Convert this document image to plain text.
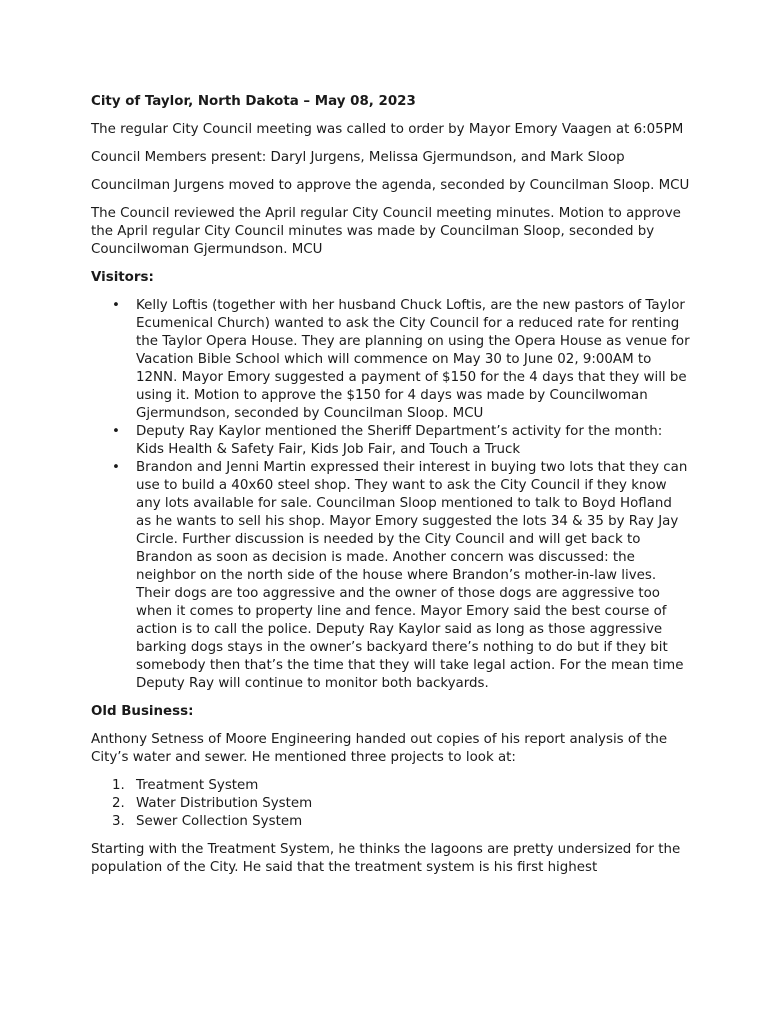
City of Taylor, North Dakota – May 08, 2023

The regular City Council meeting was called to order by Mayor Emory Vaagen at 6:05PM

Council Members present: Daryl Jurgens, Melissa Gjermundson, and Mark Sloop

Councilman Jurgens moved to approve the agenda, seconded by Councilman Sloop. MCU

The Council reviewed the April regular City Council meeting minutes. Motion to approve the April regular City Council minutes was made by Councilman Sloop, seconded by Councilwoman Gjermundson. MCU

Visitors:
• Kelly Loftis (together with her husband Chuck Loftis, are the new pastors of Taylor Ecumenical Church) wanted to ask the City Council for a reduced rate for renting the Taylor Opera House. They are planning on using the Opera House as venue for Vacation Bible School which will commence on May 30 to June 02, 9:00AM to 12NN. Mayor Emory suggested a payment of $150 for the 4 days that they will be using it. Motion to approve the $150 for 4 days was made by Councilwoman Gjermundson, seconded by Councilman Sloop. MCU
• Deputy Ray Kaylor mentioned the Sheriff Department’s activity for the month: Kids Health & Safety Fair, Kids Job Fair, and Touch a Truck
• Brandon and Jenni Martin expressed their interest in buying two lots that they can use to build a 40x60 steel shop. They want to ask the City Council if they know any lots available for sale. Councilman Sloop mentioned to talk to Boyd Hofland as he wants to sell his shop. Mayor Emory suggested the lots 34 & 35 by Ray Jay Circle. Further discussion is needed by the City Council and will get back to Brandon as soon as decision is made. Another concern was discussed: the neighbor on the north side of the house where Brandon’s mother-in-law lives. Their dogs are too aggressive and the owner of those dogs are aggressive too when it comes to property line and fence. Mayor Emory said the best course of action is to call the police. Deputy Ray Kaylor said as long as those aggressive barking dogs stays in the owner’s backyard there’s nothing to do but if they bit somebody then that’s the time that they will take legal action. For the mean time Deputy Ray will continue to monitor both backyards.
Old Business:

Anthony Setness of Moore Engineering handed out copies of his report analysis of the City’s water and sewer. He mentioned three projects to look at:

1. Treatment System
2. Water Distribution System
3. Sewer Collection System

Starting with the Treatment System, he thinks the lagoons are pretty undersized for the population of the City. He said that the treatment system is his first highest
